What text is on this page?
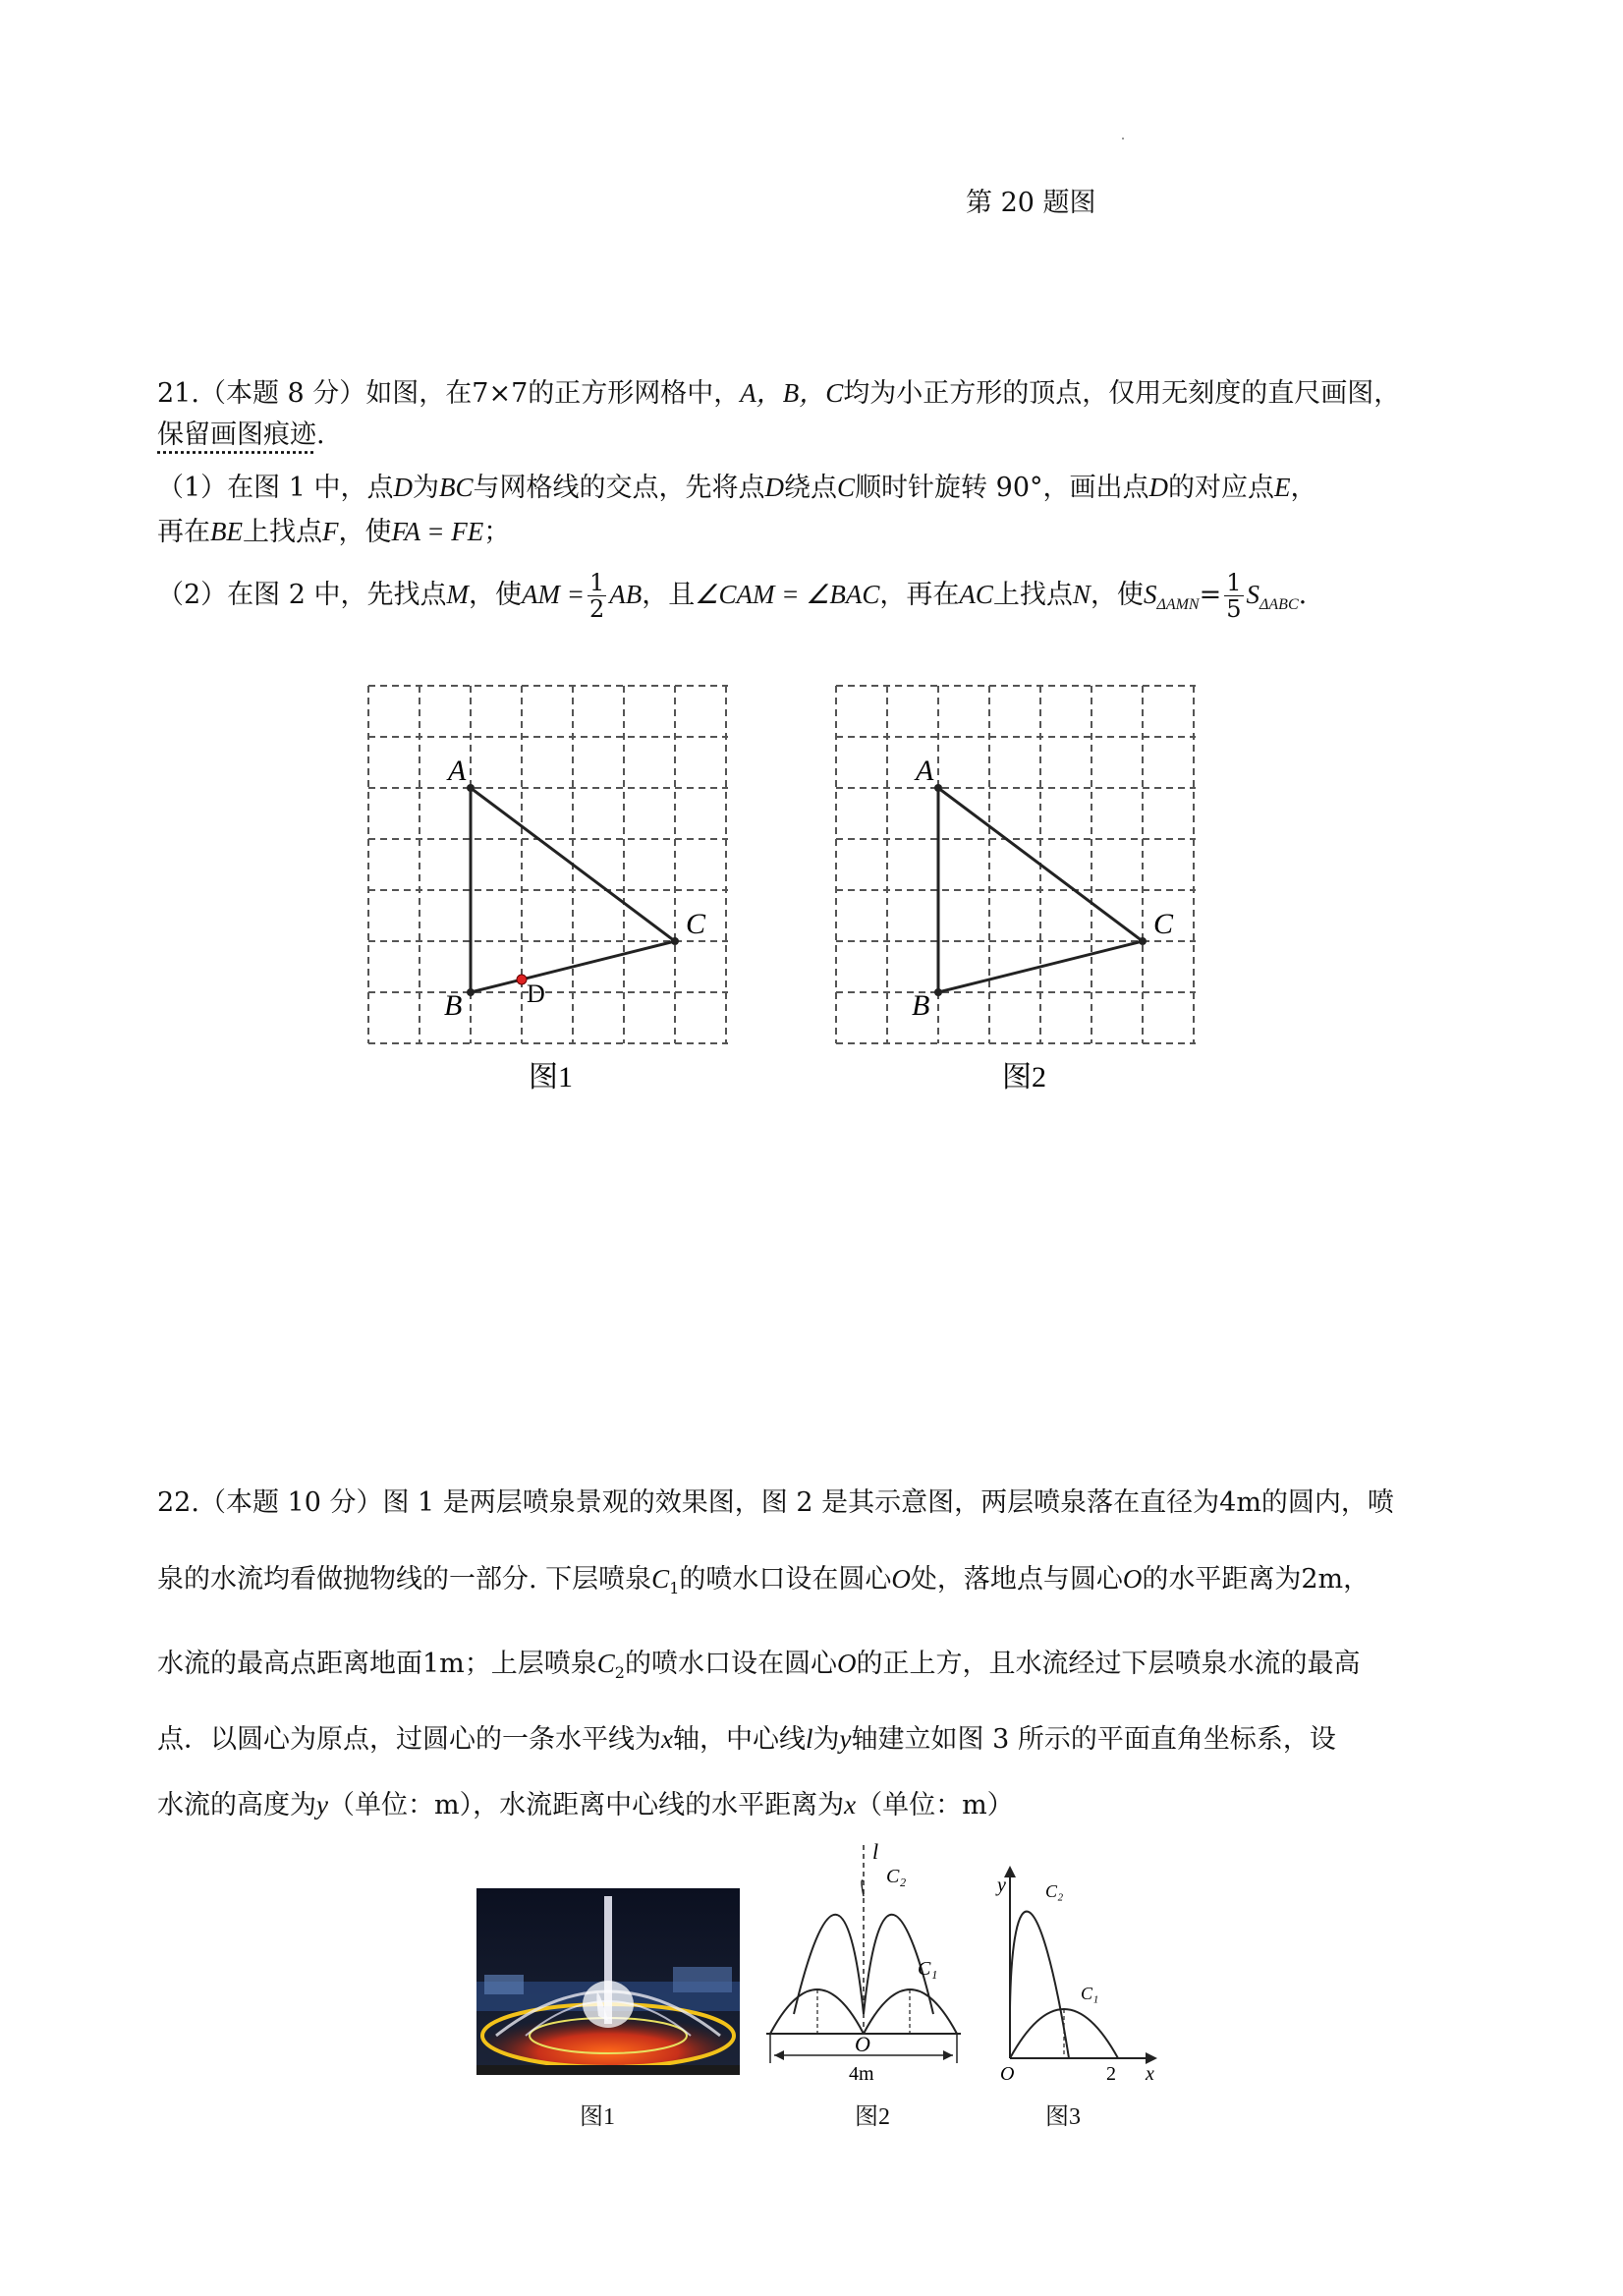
第 20 题图
21.（本题 8 分）如图，在7×7的正方形网格中，A，B，C均为小正方形的顶点，仅用无刻度的直尺画图，
保留画图痕迹.
（1）在图 1 中，点D为BC与网格线的交点，先将点D绕点C顺时针旋转 90°，画出点D的对应点E，
再在BE上找点F，使FA = FE；
（2）在图 2 中，先找点M，使AM = $\frac{1}{2}$ AB，且∠CAM = ∠BAC，再在AC上找点N，使$S_{\Delta AMN}= \frac{1}{5} S_{\Delta ABC}$.
A
B
C
D
图1
A
B
C
图2
22.（本题 10 分）图 1 是两层喷泉景观的效果图，图 2 是其示意图，两层喷泉落在直径为4m的圆内，喷
泉的水流均看做抛物线的一部分. 下层喷泉$C_1$的喷水口设在圆心O处，落地点与圆心O的水平距离为2m，
水流的最高点距离地面1m；上层喷泉$C_2$的喷水口设在圆心O的正上方，且水流经过下层喷泉水流的最高
点．以圆心为原点，过圆心的一条水平线为x轴，中心线l为y轴建立如图 3 所示的平面直角坐标系，设
水流的高度为y（单位：m），水流距离中心线的水平距离为x（单位：m）
l
O
4m
C₂
C₁
y
x
O	2
C₂
C₁
图1	图2	图3
